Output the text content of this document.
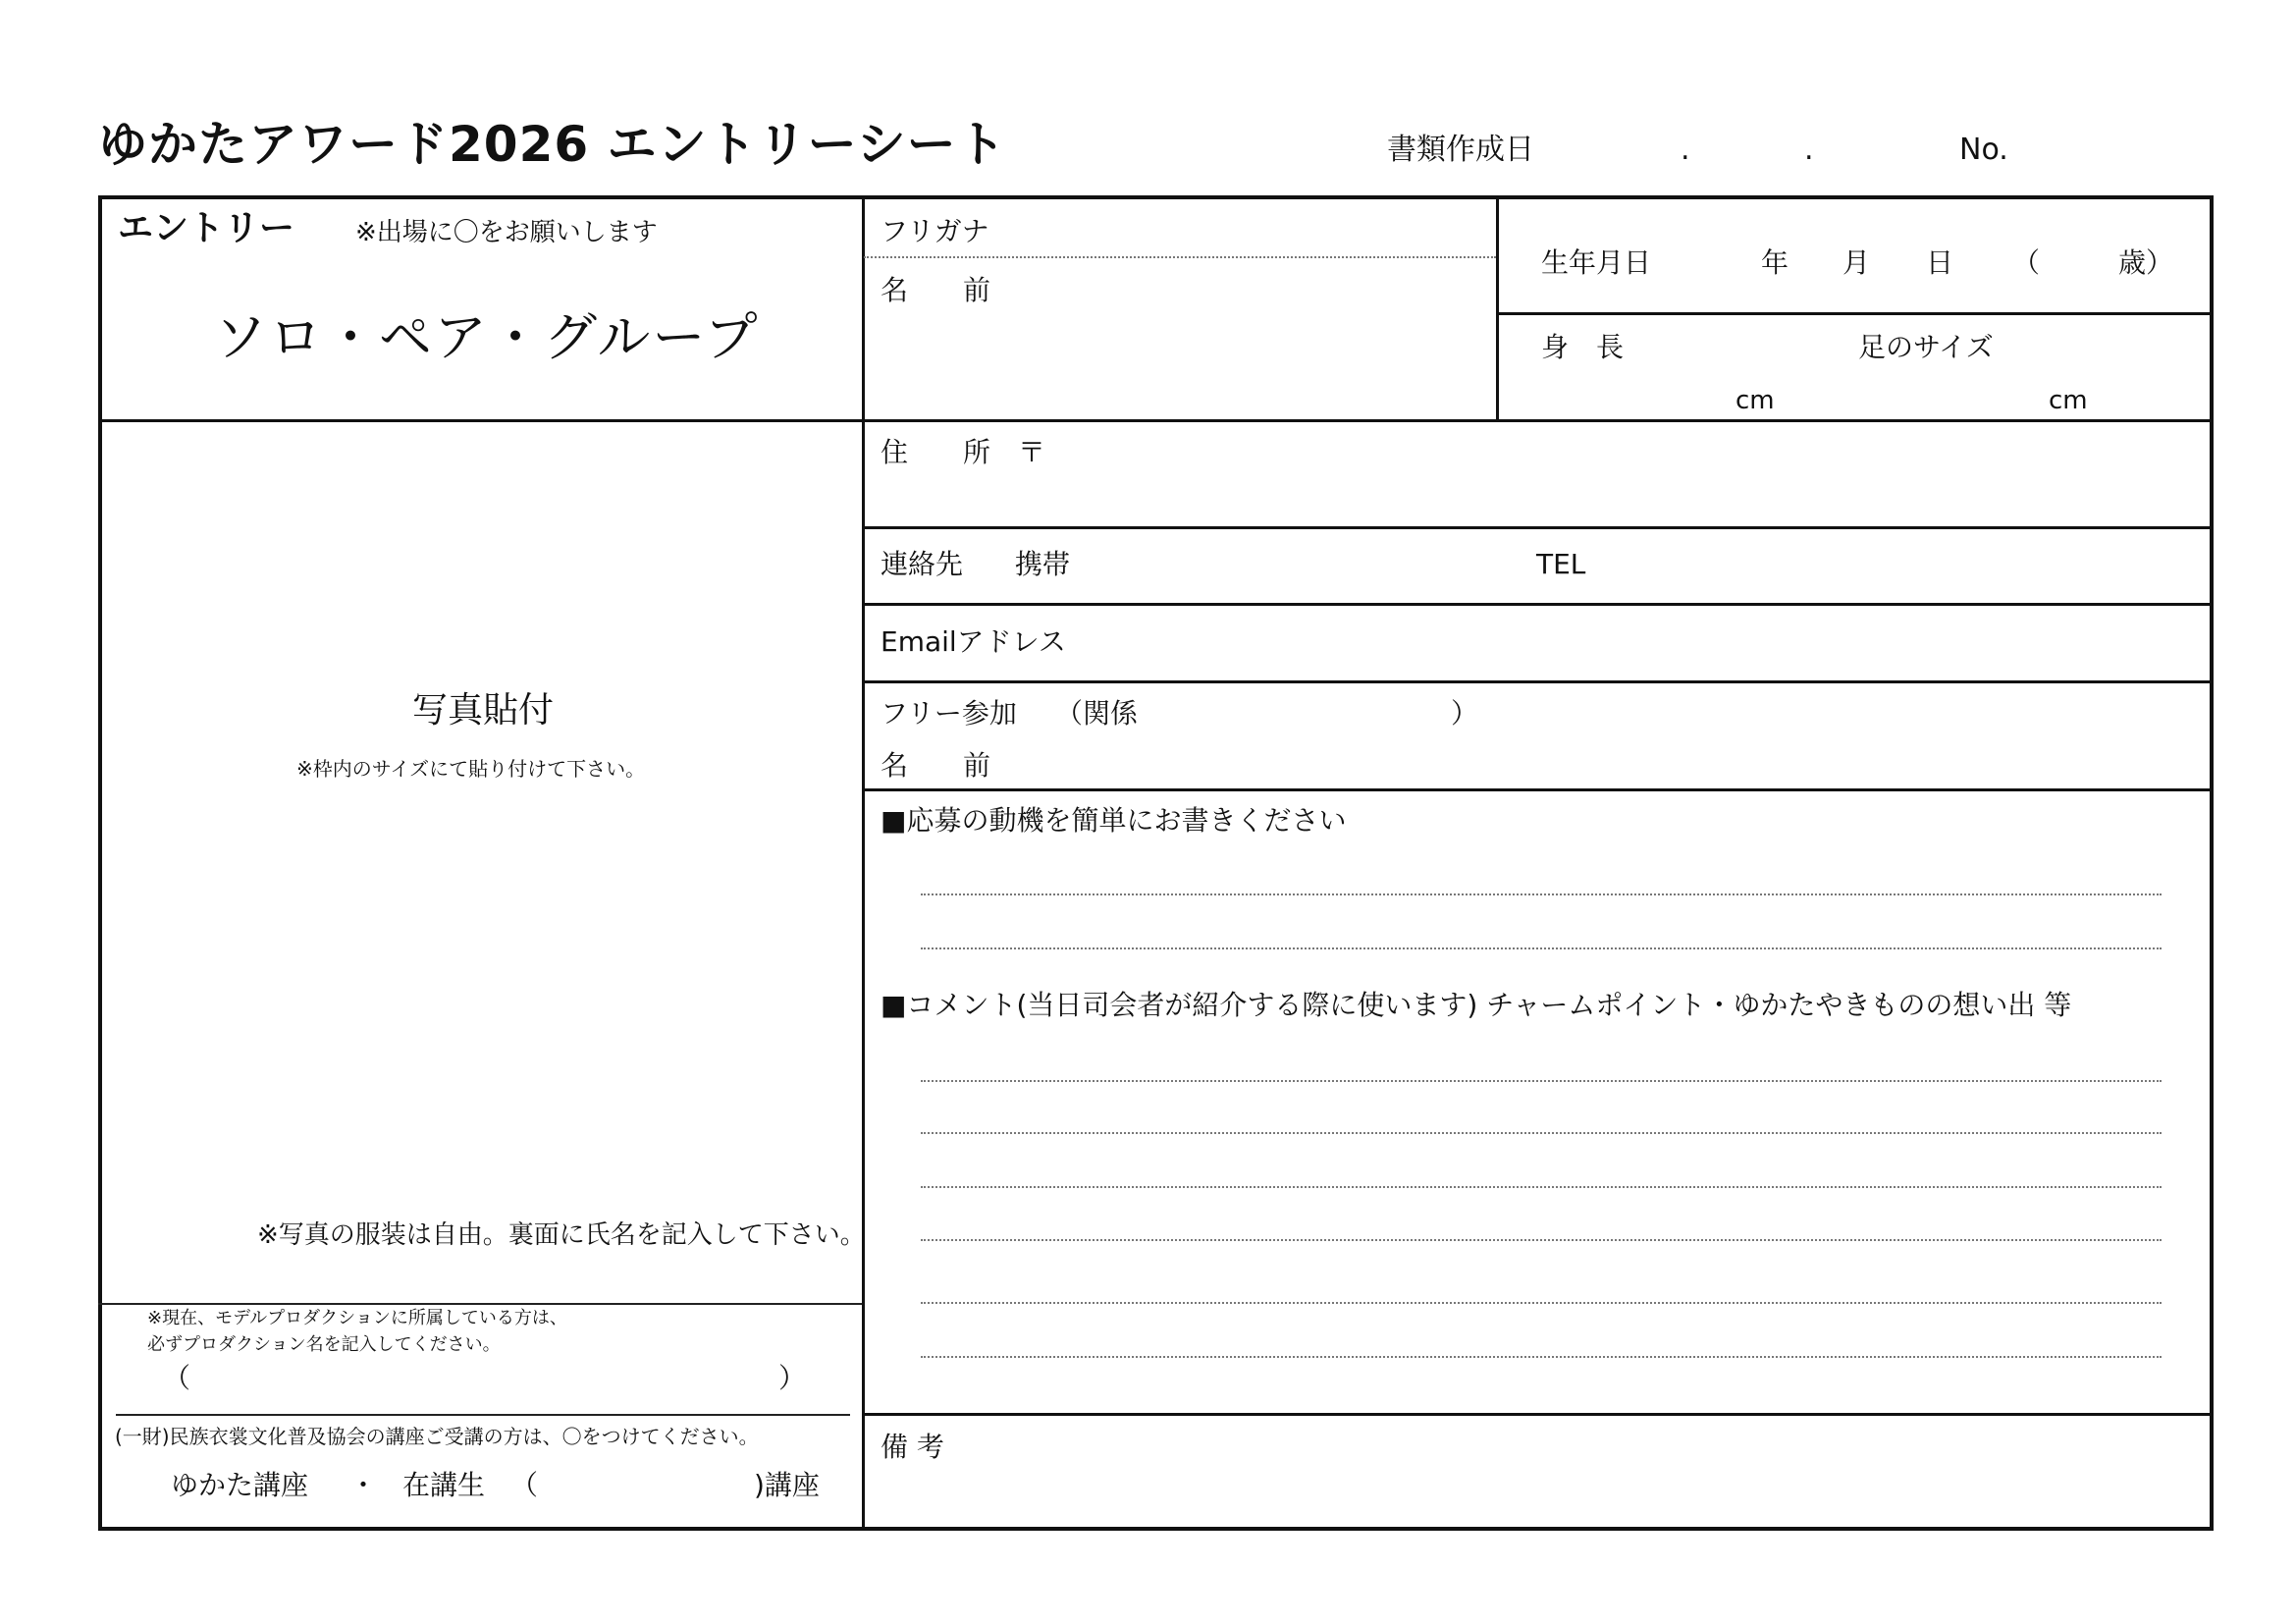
ゆかたアワード2026 エントリーシート	書類作成日	.	.	No.
エントリー ※出場に〇をお願いします
ソロ・ペア・グループ
フリガナ
名　　前
生年月日	年 月 日 （	歳）
身　長	足のサイズ
cm	cm
写真貼付
※枠内のサイズにて貼り付けて下さい。
※写真の服装は自由。裏面に氏名を記入して下さい。
※現在、モデルプロダクションに所属している方は、
必ずプロダクション名を記入してください。
（	）
(一財)民族衣裳文化普及協会の講座ご受講の方は、〇をつけてください。
ゆかた講座 ・ 在講生 （	)講座
住　　所　〒
連絡先 携帯	TEL
Emailアドレス
フリー参加 （関係	）
名　　前
■応募の動機を簡単にお書きください
■コメント(当日司会者が紹介する際に使います) チャームポイント・ゆかたやきものの想い出 等
備 考
